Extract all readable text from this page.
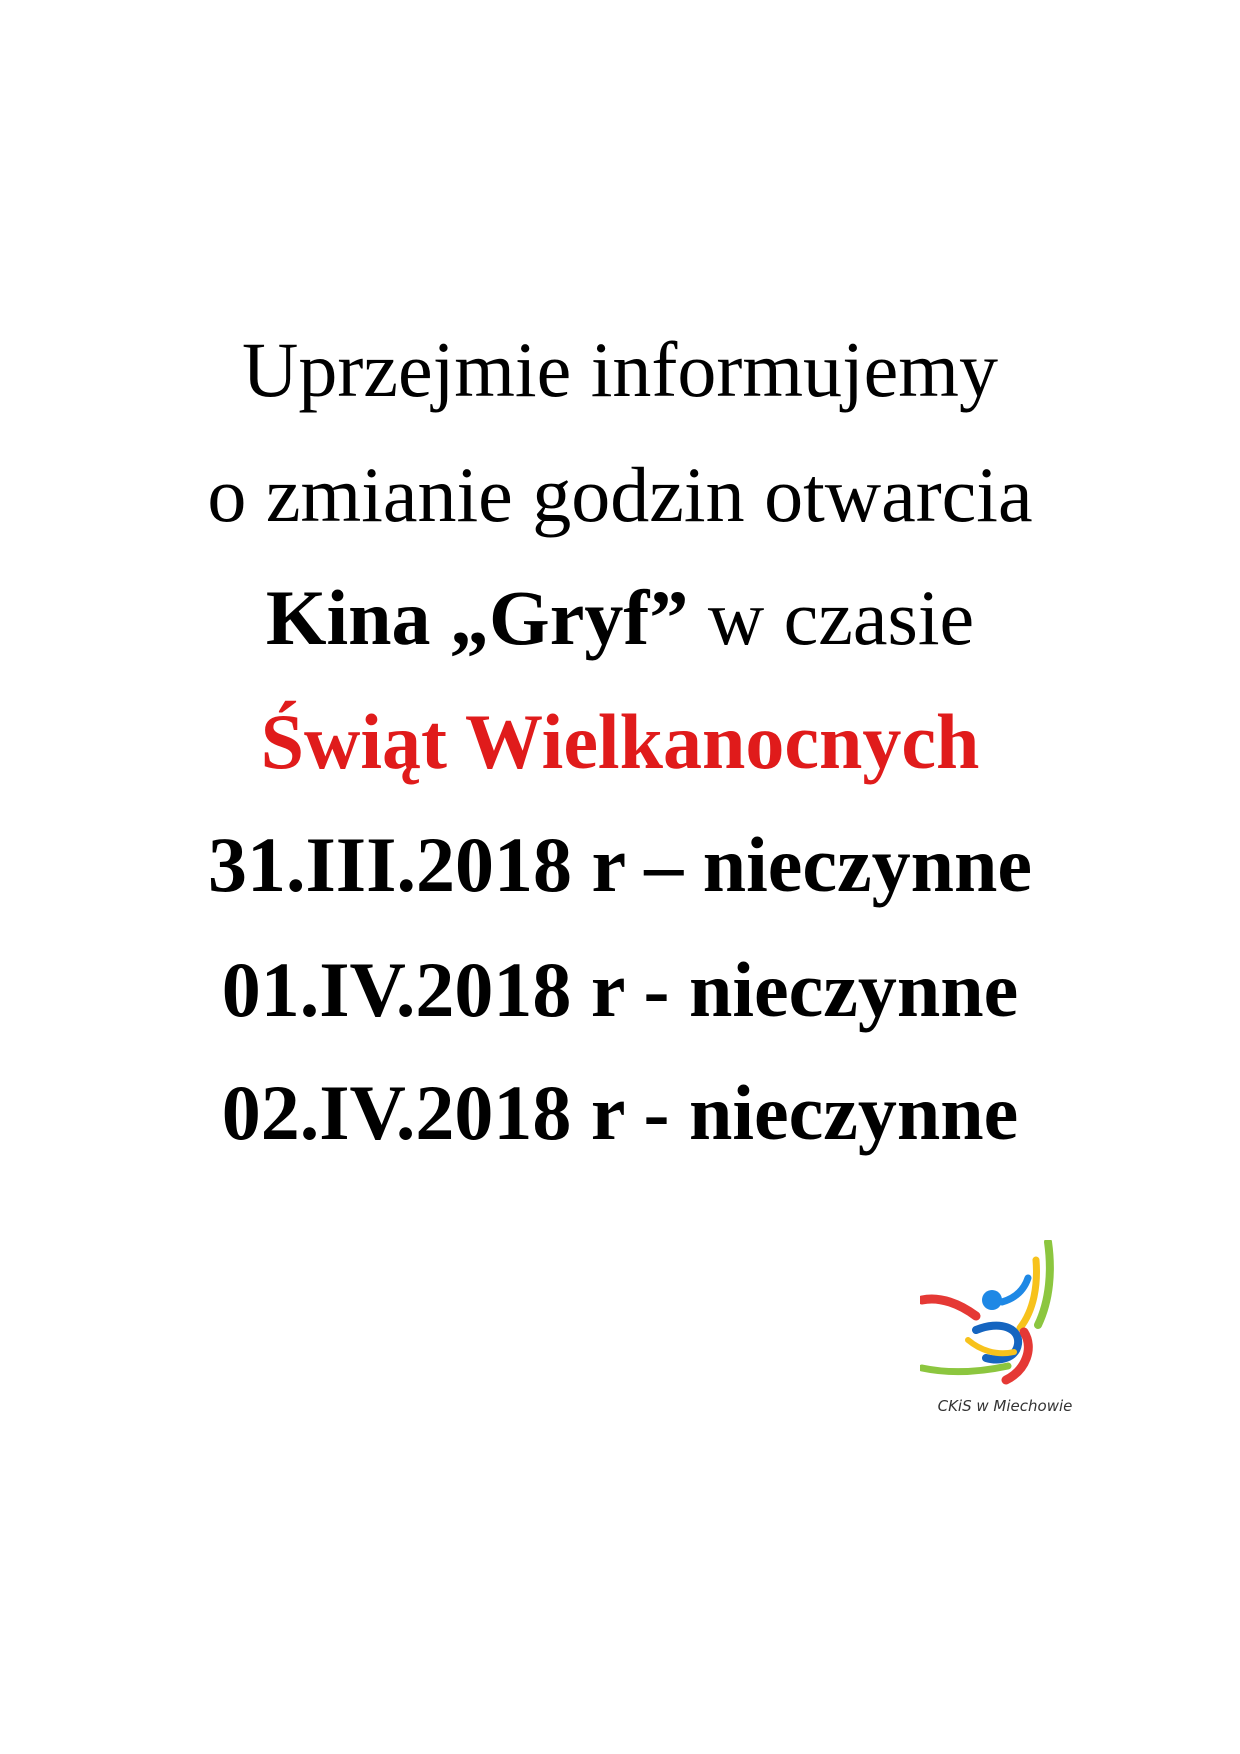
Uprzejmie informujemy
o zmianie godzin otwarcia
Kina „Gryf” w czasie
Świąt Wielkanocnych
31.III.2018 r – nieczynne
01.IV.2018 r - nieczynne
02.IV.2018 r - nieczynne
CKiS w Miechowie
